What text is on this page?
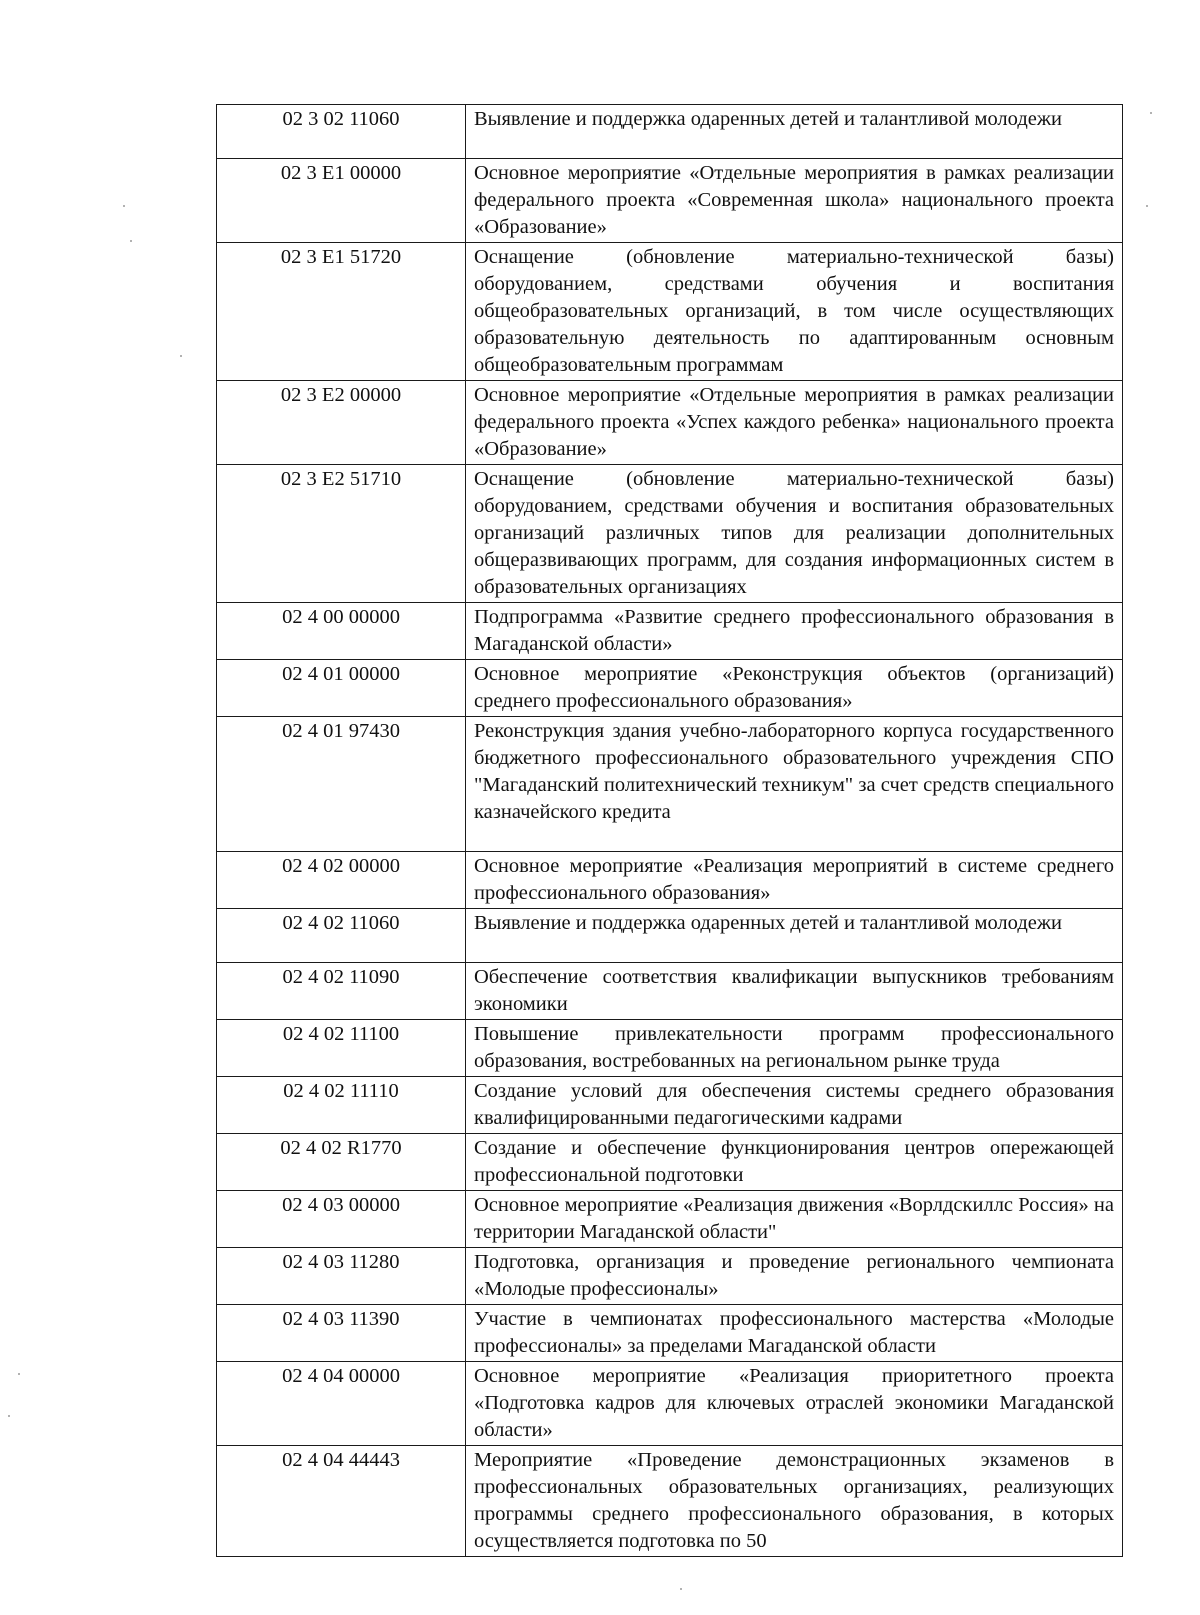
02 3 02 11060	Выявление и поддержка одаренных детей и талантливой молодежи
02 3 Е1 00000	Основное мероприятие «Отдельные мероприятия в рамках реализации федерального проекта «Современная школа» национального проекта «Образование»
02 3 Е1 51720	Оснащение (обновление материально-технической базы) оборудованием, средствами обучения и воспитания общеобразовательных организаций, в том числе осуществляющих образовательную деятельность по адаптированным основным общеобразовательным программам
02 3 Е2 00000	Основное мероприятие «Отдельные мероприятия в рамках реализации федерального проекта «Успех каждого ребенка» национального проекта «Образование»
02 3 Е2 51710	Оснащение (обновление материально-технической базы) оборудованием, средствами обучения и воспитания образовательных организаций различных типов для реализации дополнительных общеразвивающих программ, для создания информационных систем в образовательных организациях
02 4 00 00000	Подпрограмма «Развитие среднего профессионального образования в Магаданской области»
02 4 01 00000	Основное мероприятие «Реконструкция объектов (организаций) среднего профессионального образования»
02 4 01 97430	Реконструкция здания учебно-лабораторного корпуса государственного бюджетного профессионального образовательного учреждения СПО "Магаданский политехнический техникум" за счет средств специального казначейского кредита
02 4 02 00000	Основное мероприятие «Реализация мероприятий в системе среднего профессионального образования»
02 4 02 11060	Выявление и поддержка одаренных детей и талантливой молодежи
02 4 02 11090	Обеспечение соответствия квалификации выпускников требованиям экономики
02 4 02 11100	Повышение привлекательности программ профессионального образования, востребованных на региональном рынке труда
02 4 02 11110	Создание условий для обеспечения системы среднего образования квалифицированными педагогическими кадрами
02 4 02 R1770	Создание и обеспечение функционирования центров опережающей профессиональной подготовки
02 4 03 00000	Основное мероприятие «Реализация движения «Ворлдскиллс Россия» на территории Магаданской области"
02 4 03 11280	Подготовка, организация и проведение регионального чемпионата «Молодые профессионалы»
02 4 03 11390	Участие в чемпионатах профессионального мастерства «Молодые профессионалы» за пределами Магаданской области
02 4 04 00000	Основное мероприятие «Реализация приоритетного проекта «Подготовка кадров для ключевых отраслей экономики Магаданской области»
02 4 04 44443	Мероприятие «Проведение демонстрационных экзаменов в профессиональных образовательных организациях, реализующих программы среднего профессионального образования, в которых осуществляется подготовка по 50
